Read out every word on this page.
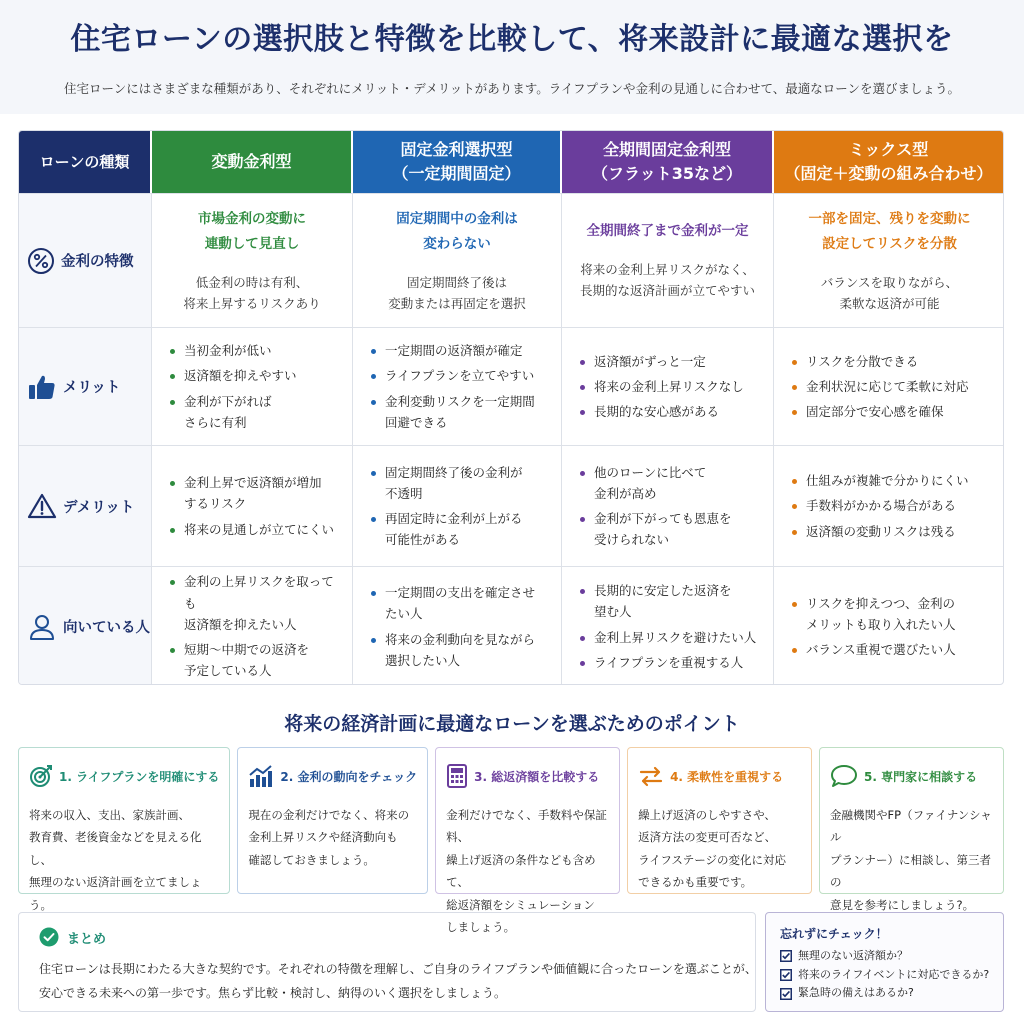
住宅ローンの選択肢と特徴を比較して、将来設計に最適な選択を

住宅ローンにはさまざまな種類があり、それぞれにメリット・デメリットがあります。ライフプランや金利の見通しに合わせて、最適なローンを選びましょう。

ローンの種類	変動金利型
固定金利選択型
（一定期間固定）
全期間固定金利型
（フラット35など）
ミックス型
（固定＋変動の組み合わせ）
金利の特徴
市場金利の変動に
連動して見直し
低金利の時は有利、
将来上昇するリスクあり
固定期間中の金利は
変わらない
固定期間終了後は
変動または再固定を選択
全期間終了まで金利が一定
将来の金利上昇リスクがなく、
長期的な返済計画が立てやすい
一部を固定、残りを変動に
設定してリスクを分散
バランスを取りながら、
柔軟な返済が可能
メリット
当初金利が低い
返済額を抑えやすい
金利が下がれば
さらに有利
一定期間の返済額が確定
ライフプランを立てやすい
金利変動リスクを一定期間
回避できる
返済額がずっと一定
将来の金利上昇リスクなし
長期的な安心感がある
リスクを分散できる
金利状況に応じて柔軟に対応
固定部分で安心感を確保
デメリット
金利上昇で返済額が増加
するリスク
将来の見通しが立てにくい
固定期間終了後の金利が
不透明
再固定時に金利が上がる
可能性がある
他のローンに比べて
金利が高め
金利が下がっても恩恵を
受けられない
仕組みが複雑で分かりにくい
手数料がかかる場合がある
返済額の変動リスクは残る
向いている人
金利の上昇リスクを取っても
返済額を抑えたい人
短期〜中期での返済を
予定している人
一定期間の支出を確定させ
たい人
将来の金利動向を見ながら
選択したい人
長期的に安定した返済を
望む人
金利上昇リスクを避けたい人
ライフプランを重視する人
リスクを抑えつつ、金利の
メリットも取り入れたい人
バランス重視で選びたい人
将来の経済計画に最適なローンを選ぶためのポイント
1. ライフプランを明確にする
将来の収入、支出、家族計画、
教育費、老後資金などを見える化し、
無理のない返済計画を立てましょう。
2. 金利の動向をチェック
現在の金利だけでなく、将来の
金利上昇リスクや経済動向も
確認しておきましょう。
3. 総返済額を比較する
金利だけでなく、手数料や保証料、
繰上げ返済の条件なども含めて、
総返済額をシミュレーション
しましょう。
4. 柔軟性を重視する
繰上げ返済のしやすさや、
返済方法の変更可否など、
ライフステージの変化に対応
できるかも重要です。
5. 専門家に相談する
金融機関やFP（ファイナンシャル
プランナー）に相談し、第三者の
意見を参考にしましょう?。
まとめ
住宅ローンは長期にわたる大きな契約です。それぞれの特徴を理解し、ご自身のライフプランや価値観に合ったローンを選ぶことが、
安心できる未来への第一歩です。焦らず比較・検討し、納得のいく選択をしましょう。
忘れずにチェック！
無理のない返済額か？
将来のライフイベントに対応できるか?
緊急時の備えはあるか?
